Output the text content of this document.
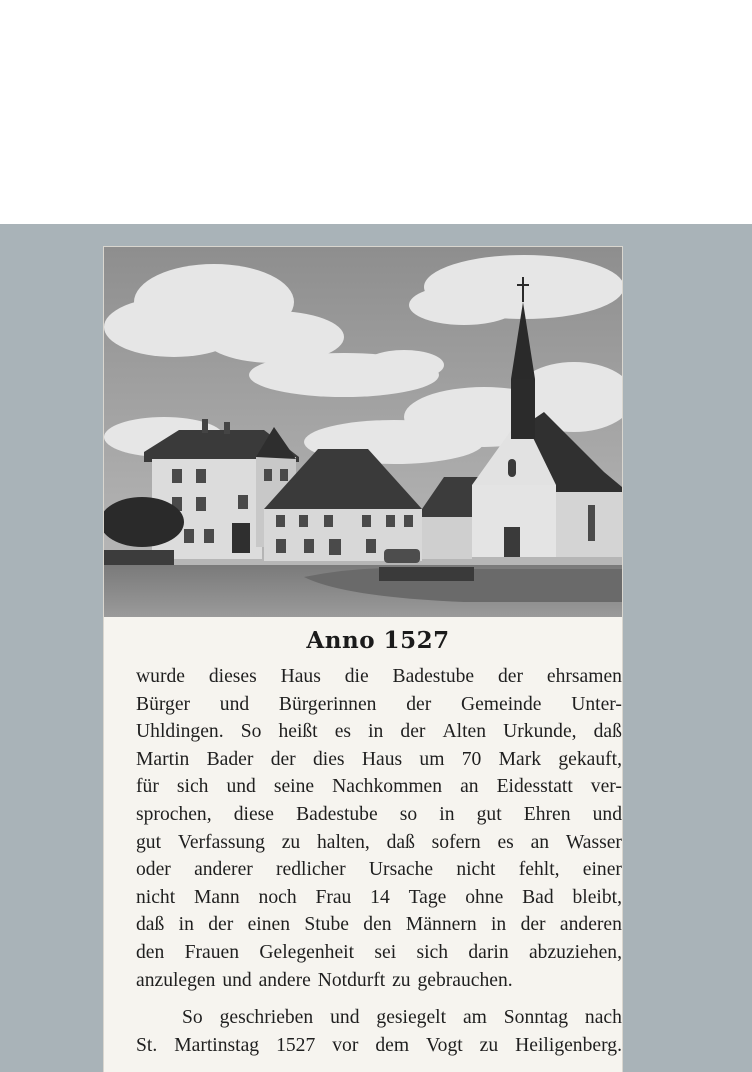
Anno 1527
wurde dieses Haus die Badestube der ehrsamen
Bürger und Bürgerinnen der Gemeinde Unter-
Uhldingen. So heißt es in der Alten Urkunde, daß
Martin Bader der dies Haus um 70 Mark gekauft,
für sich und seine Nachkommen an Eidesstatt ver-
sprochen, diese Badestube so in gut Ehren und
gut Verfassung zu halten, daß sofern es an Wasser
oder anderer redlicher Ursache nicht fehlt, einer
nicht Mann noch Frau 14 Tage ohne Bad bleibt,
daß in der einen Stube den Männern in der anderen
den Frauen Gelegenheit sei sich darin abzuziehen,
anzulegen und andere Notdurft zu gebrauchen.
So geschrieben und gesiegelt am Sonntag nach
St. Martinstag 1527 vor dem Vogt zu Heiligenberg.
